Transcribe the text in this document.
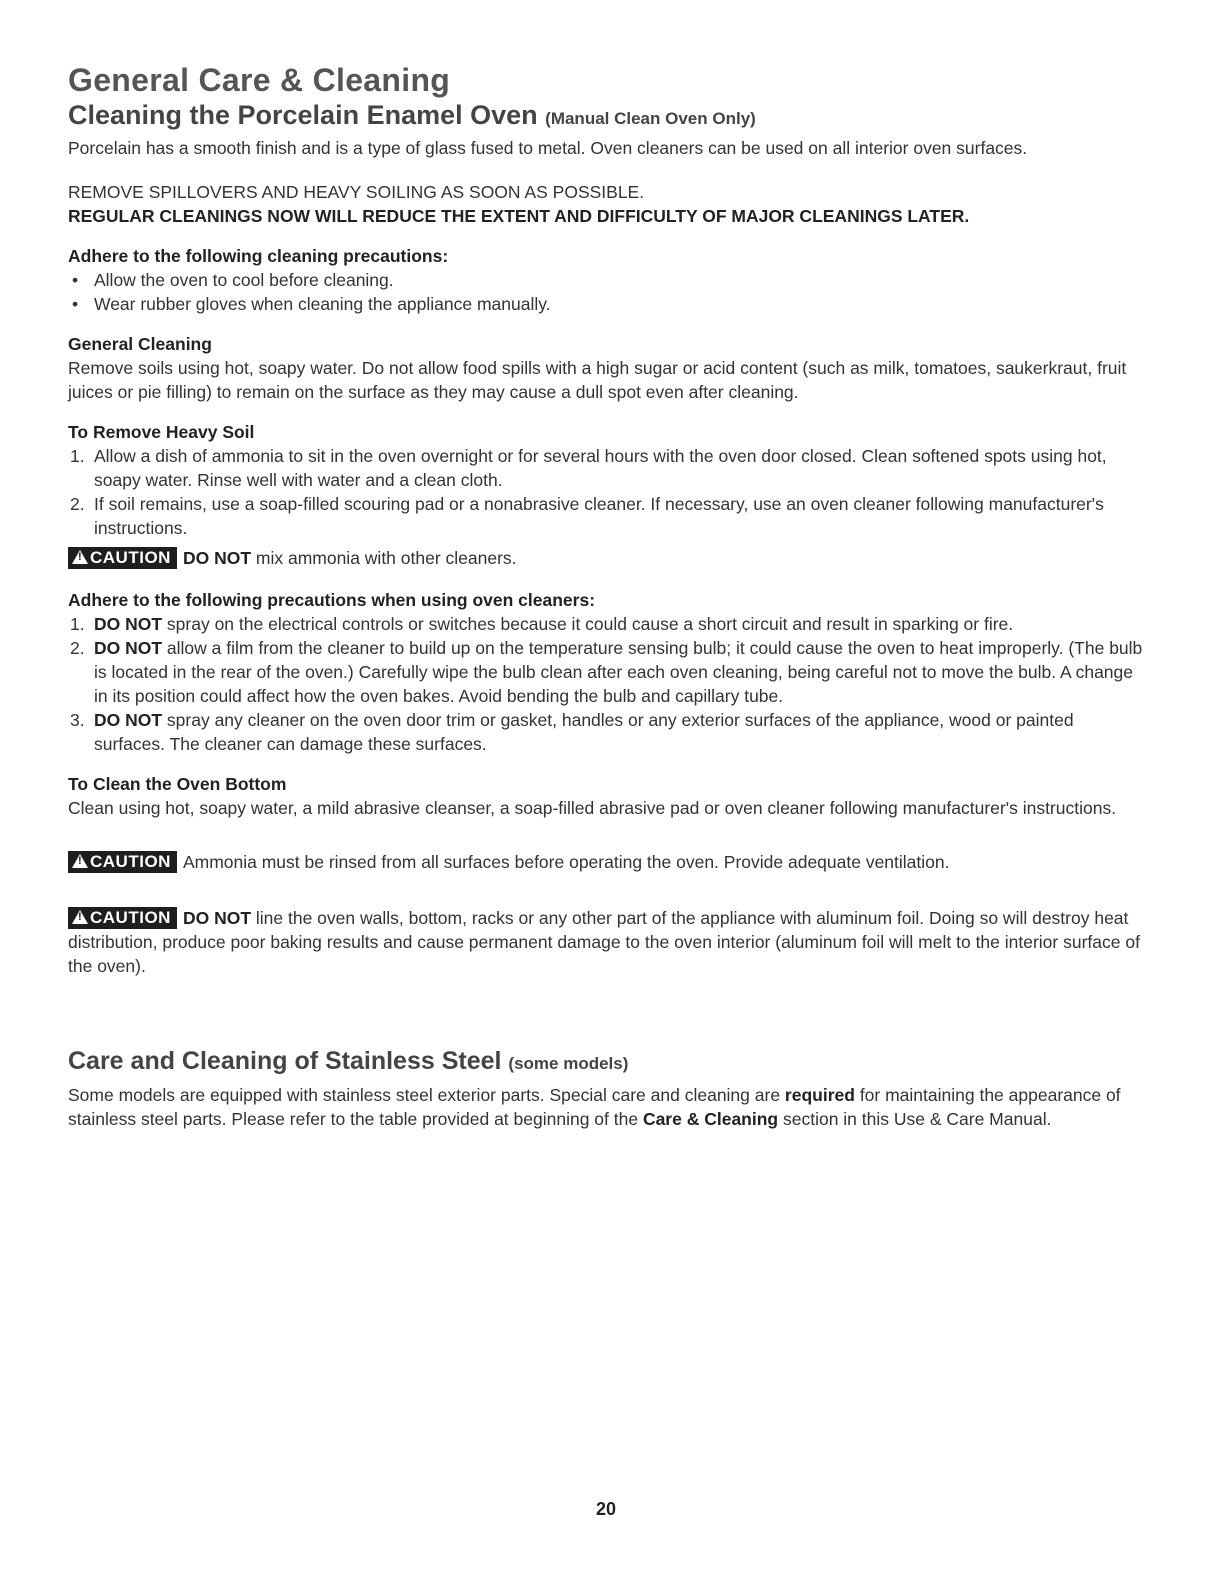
General Care & Cleaning
Cleaning the Porcelain Enamel Oven (Manual Clean Oven Only)

Porcelain has a smooth finish and is a type of glass fused to metal. Oven cleaners can be used on all interior oven surfaces.

REMOVE SPILLOVERS AND HEAVY SOILING AS SOON AS POSSIBLE.

REGULAR CLEANINGS NOW WILL REDUCE THE EXTENT AND DIFFICULTY OF MAJOR CLEANINGS LATER.

Adhere to the following cleaning precautions:

• Allow the oven to cool before cleaning.
• Wear rubber gloves when cleaning the appliance manually.

General Cleaning

Remove soils using hot, soapy water. Do not allow food spills with a high sugar or acid content (such as milk, tomatoes, saukerkraut, fruit juices or pie filling) to remain on the surface as they may cause a dull spot even after cleaning.

To Remove Heavy Soil

1. Allow a dish of ammonia to sit in the oven overnight or for several hours with the oven door closed. Clean softened spots using hot, soapy water. Rinse well with water and a clean cloth.
2. If soil remains, use a soap-filled scouring pad or a nonabrasive cleaner. If necessary, use an oven cleaner following manufacturer's instructions.

!CAUTION DO NOT mix ammonia with other cleaners.

Adhere to the following precautions when using oven cleaners:

1. DO NOT spray on the electrical controls or switches because it could cause a short circuit and result in sparking or fire.
2. DO NOT allow a film from the cleaner to build up on the temperature sensing bulb; it could cause the oven to heat improperly. (The bulb is located in the rear of the oven.) Carefully wipe the bulb clean after each oven cleaning, being careful not to move the bulb. A change in its position could affect how the oven bakes. Avoid bending the bulb and capillary tube.
3. DO NOT spray any cleaner on the oven door trim or gasket, handles or any exterior surfaces of the appliance, wood or painted surfaces. The cleaner can damage these surfaces.

To Clean the Oven Bottom

Clean using hot, soapy water, a mild abrasive cleanser, a soap-filled abrasive pad or oven cleaner following manufacturer's instructions.

!CAUTION Ammonia must be rinsed from all surfaces before operating the oven. Provide adequate ventilation.

!CAUTION DO NOT line the oven walls, bottom, racks or any other part of the appliance with aluminum foil. Doing so will destroy heat distribution, produce poor baking results and cause permanent damage to the oven interior (aluminum foil will melt to the interior surface of the oven).

Care and Cleaning of Stainless Steel (some models)

Some models are equipped with stainless steel exterior parts. Special care and cleaning are required for maintaining the appearance of stainless steel parts. Please refer to the table provided at beginning of the Care & Cleaning section in this Use & Care Manual.

20
